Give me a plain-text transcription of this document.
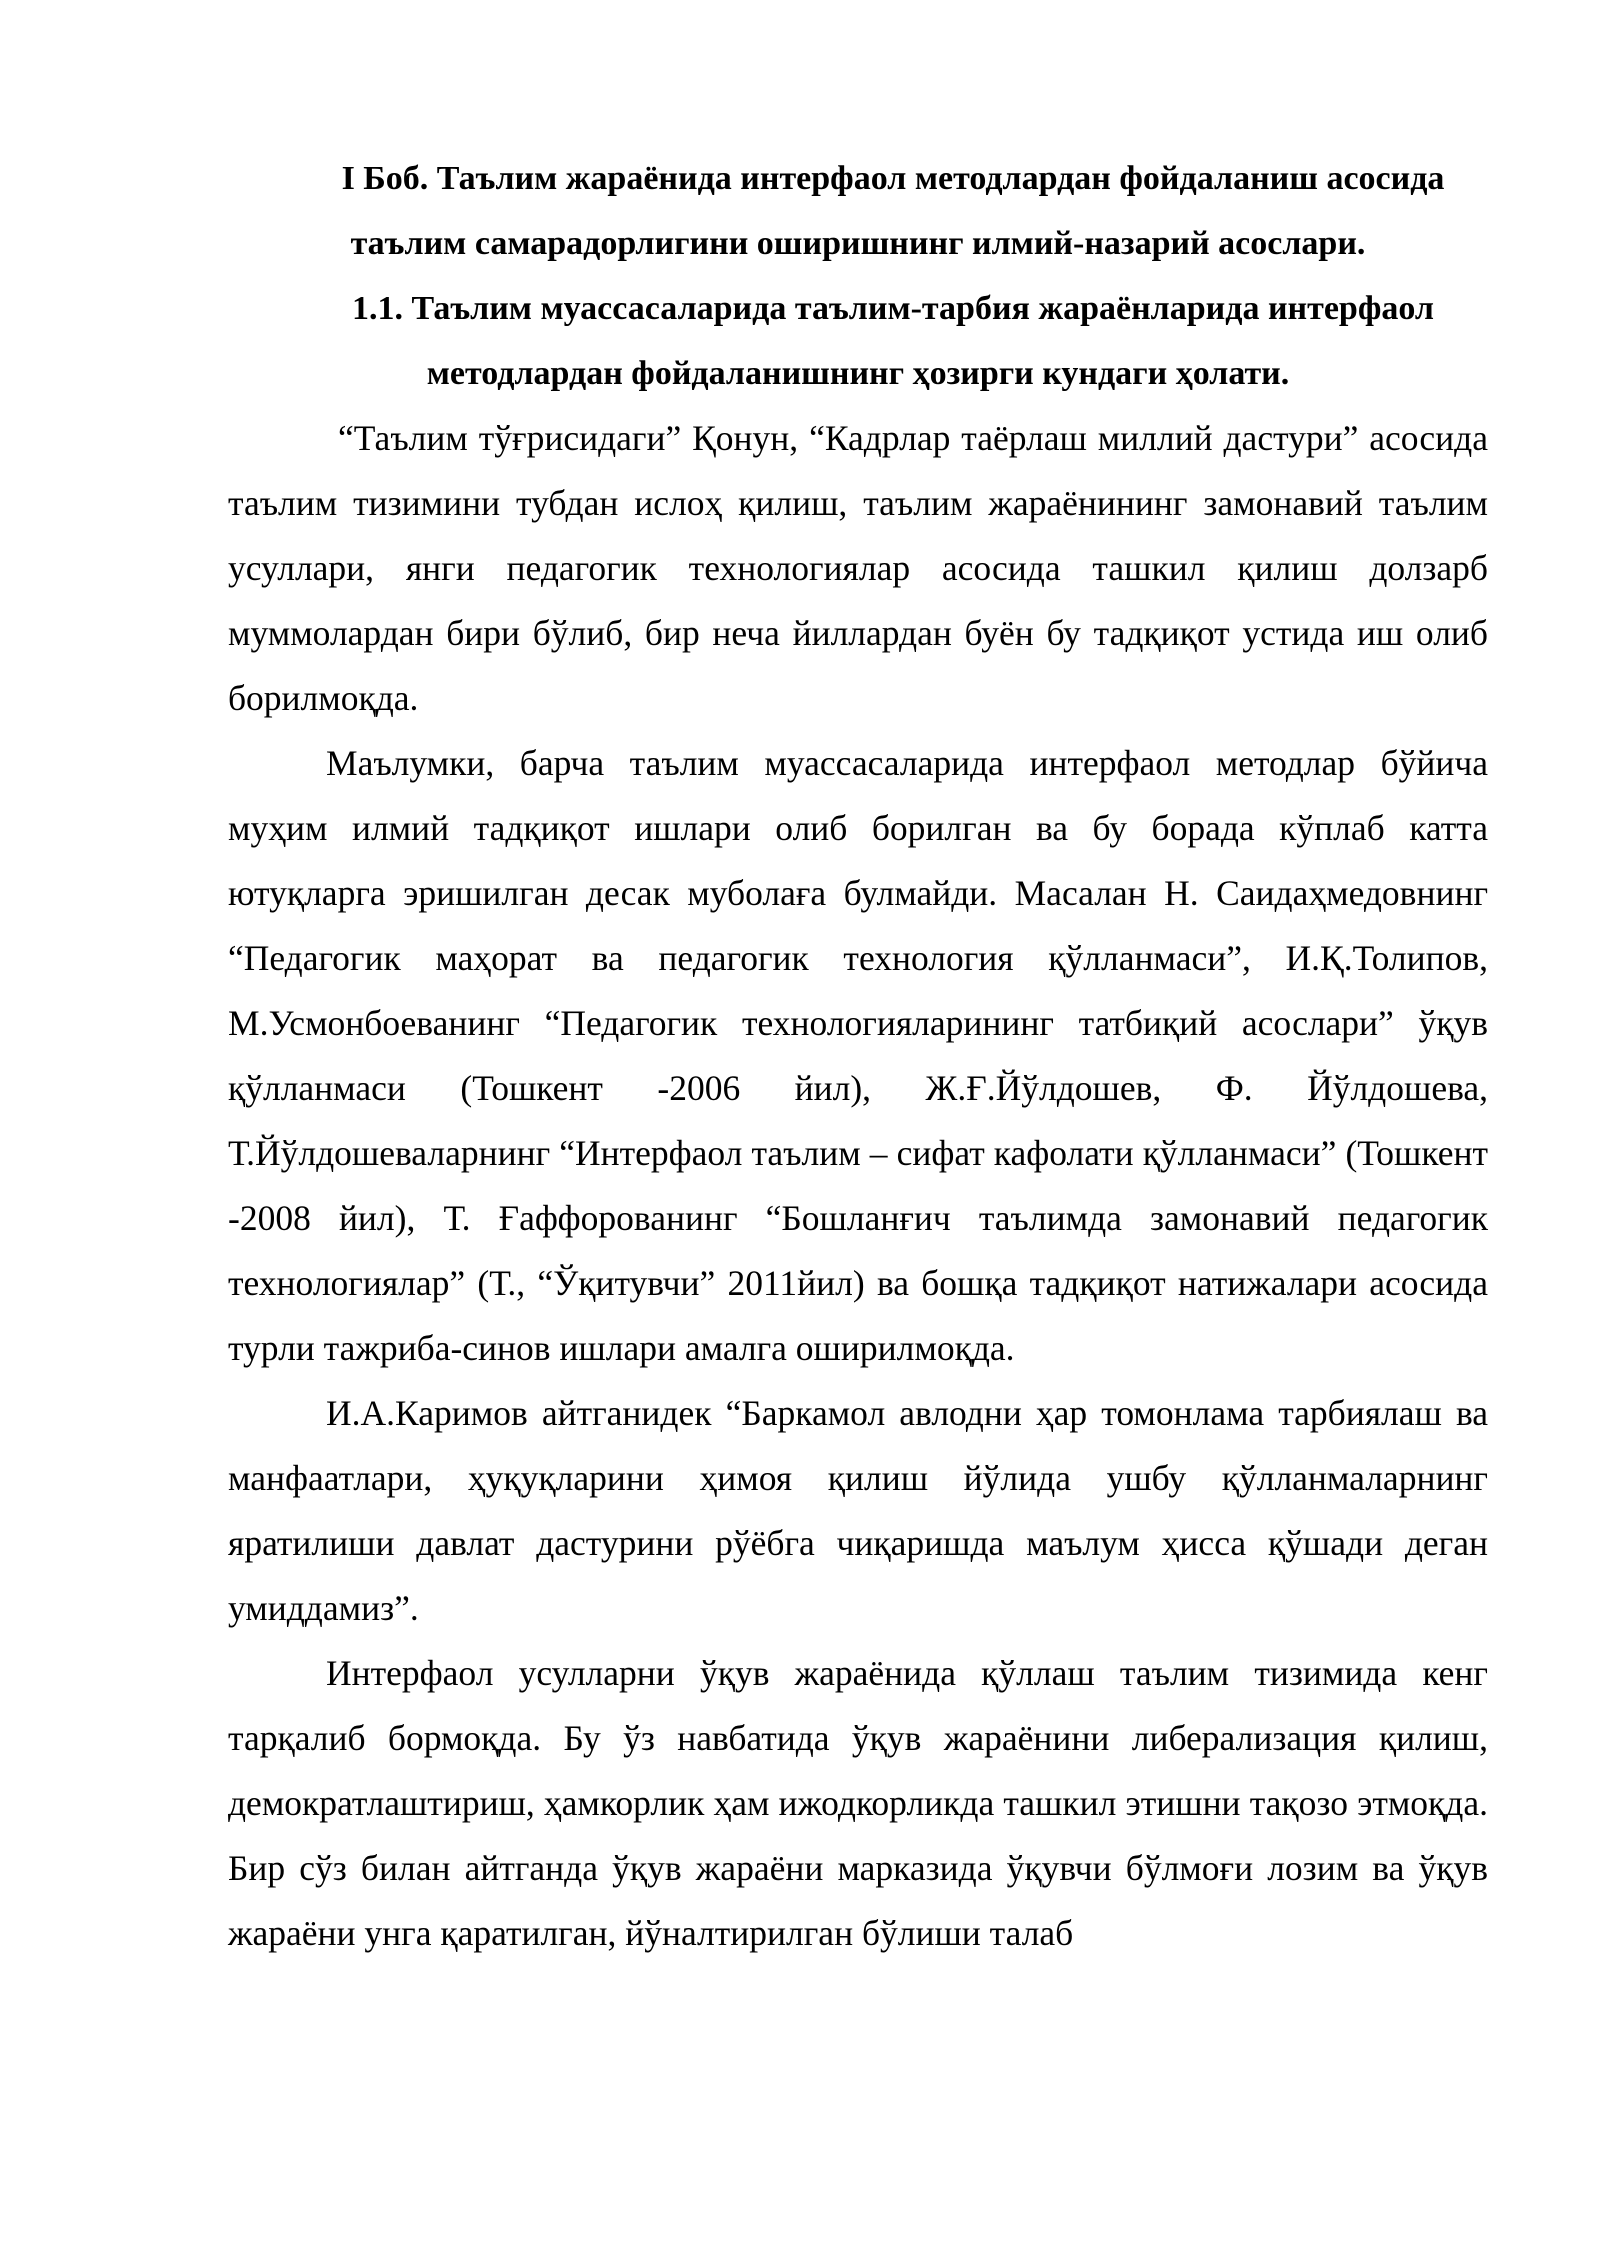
I Боб. Таълим жараёнида интерфаол методлардан фойдаланиш асосида таълим самарадорлигини оширишнинг илмий-назарий асослари.

1.1. Таълим муассасаларида таълим-тарбия жараёнларида интерфаол методлардан фойдаланишнинг ҳозирги кундаги ҳолати.

“Таълим тўғрисидаги” Қонун, “Кадрлар таёрлаш миллий дастури” асосида таълим тизимини тубдан ислоҳ қилиш, таълим жараёнининг замонавий таълим усуллари, янги педагогик технологиялар асосида ташкил қилиш долзарб муммолардан бири бўлиб, бир неча йиллардан буён бу тадқиқот устида иш олиб борилмоқда.

Маълумки, барча таълим муассасаларида интерфаол методлар бўйича муҳим илмий тадқиқот ишлари олиб борилган ва бу борада кўплаб катта ютуқларга эришилган десак муболаға булмайди. Масалан Н. Саидаҳмедовнинг “Педагогик маҳорат ва педагогик технология қўлланмаси”, И.Қ.Толипов, М.Усмонбоеванинг “Педагогик технологияларининг татбиқий асослари” ўқув қўлланмаси (Тошкент -2006 йил), Ж.Ғ.Йўлдошев, Ф. Йўлдошева, Т.Йўлдошеваларнинг “Интерфаол таълим – сифат кафолати қўлланмаси” (Тошкент -2008 йил), Т. Ғаффорованинг “Бошланғич таълимда замонавий педагогик технологиялар” (Т., “Ўқитувчи” 2011йил) ва бошқа тадқиқот натижалари асосида турли тажриба-синов ишлари амалга оширилмоқда.

И.А.Каримов айтганидек “Баркамол авлодни ҳар томонлама тарбиялаш ва манфаатлари, ҳуқуқларини ҳимоя қилиш йўлида ушбу қўлланмаларнинг яратилиши давлат дастурини рўёбга чиқаришда маълум ҳисса қўшади деган умиддамиз”.

Интерфаол усулларни ўқув жараёнида қўллаш таълим тизимида кенг тарқалиб бормоқда. Бу ўз навбатида ўқув жараёнини либерализация қилиш, демократлаштириш, ҳамкорлик ҳам ижодкорликда ташкил этишни тақозо этмоқда. Бир сўз билан айтганда ўқув жараёни марказида ўқувчи бўлмоғи лозим ва ўқув жараёни унга қаратилган, йўналтирилган бўлиши талаб
